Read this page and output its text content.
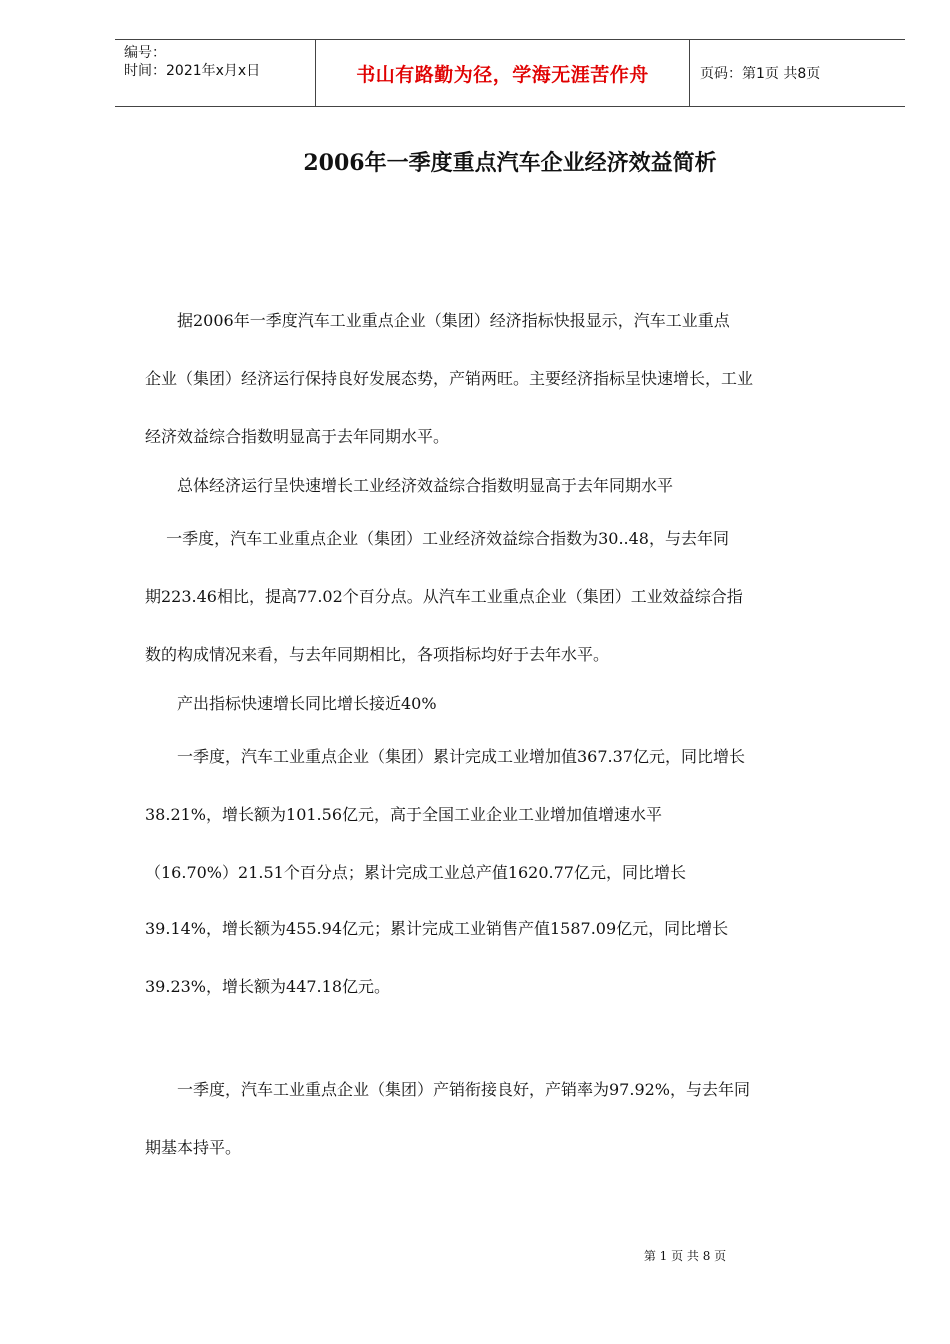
编号：
时间：2021年x月x日	书山有路勤为径，学海无涯苦作舟	页码：第1页 共8页
2006年一季度重点汽车企业经济效益简析
　　据2006年一季度汽车工业重点企业（集团）经济指标快报显示，汽车工业重点
企业（集团）经济运行保持良好发展态势，产销两旺。主要经济指标呈快速增长，工业
经济效益综合指数明显高于去年同期水平。
　　总体经济运行呈快速增长工业经济效益综合指数明显高于去年同期水平
　 一季度，汽车工业重点企业（集团）工业经济效益综合指数为30..48，与去年同
期223.46相比，提高77.02个百分点。从汽车工业重点企业（集团）工业效益综合指
数的构成情况来看，与去年同期相比，各项指标均好于去年水平。
　　产出指标快速增长同比增长接近40%
　　一季度，汽车工业重点企业（集团）累计完成工业增加值367.37亿元，同比增长
38.21%，增长额为101.56亿元，高于全国工业企业工业增加值增速水平
（16.70%）21.51个百分点；累计完成工业总产值1620.77亿元，同比增长
39.14%，增长额为455.94亿元；累计完成工业销售产值1587.09亿元，同比增长
39.23%，增长额为447.18亿元。
　　一季度，汽车工业重点企业（集团）产销衔接良好，产销率为97.92%，与去年同
期基本持平。
第 1 页 共 8 页
